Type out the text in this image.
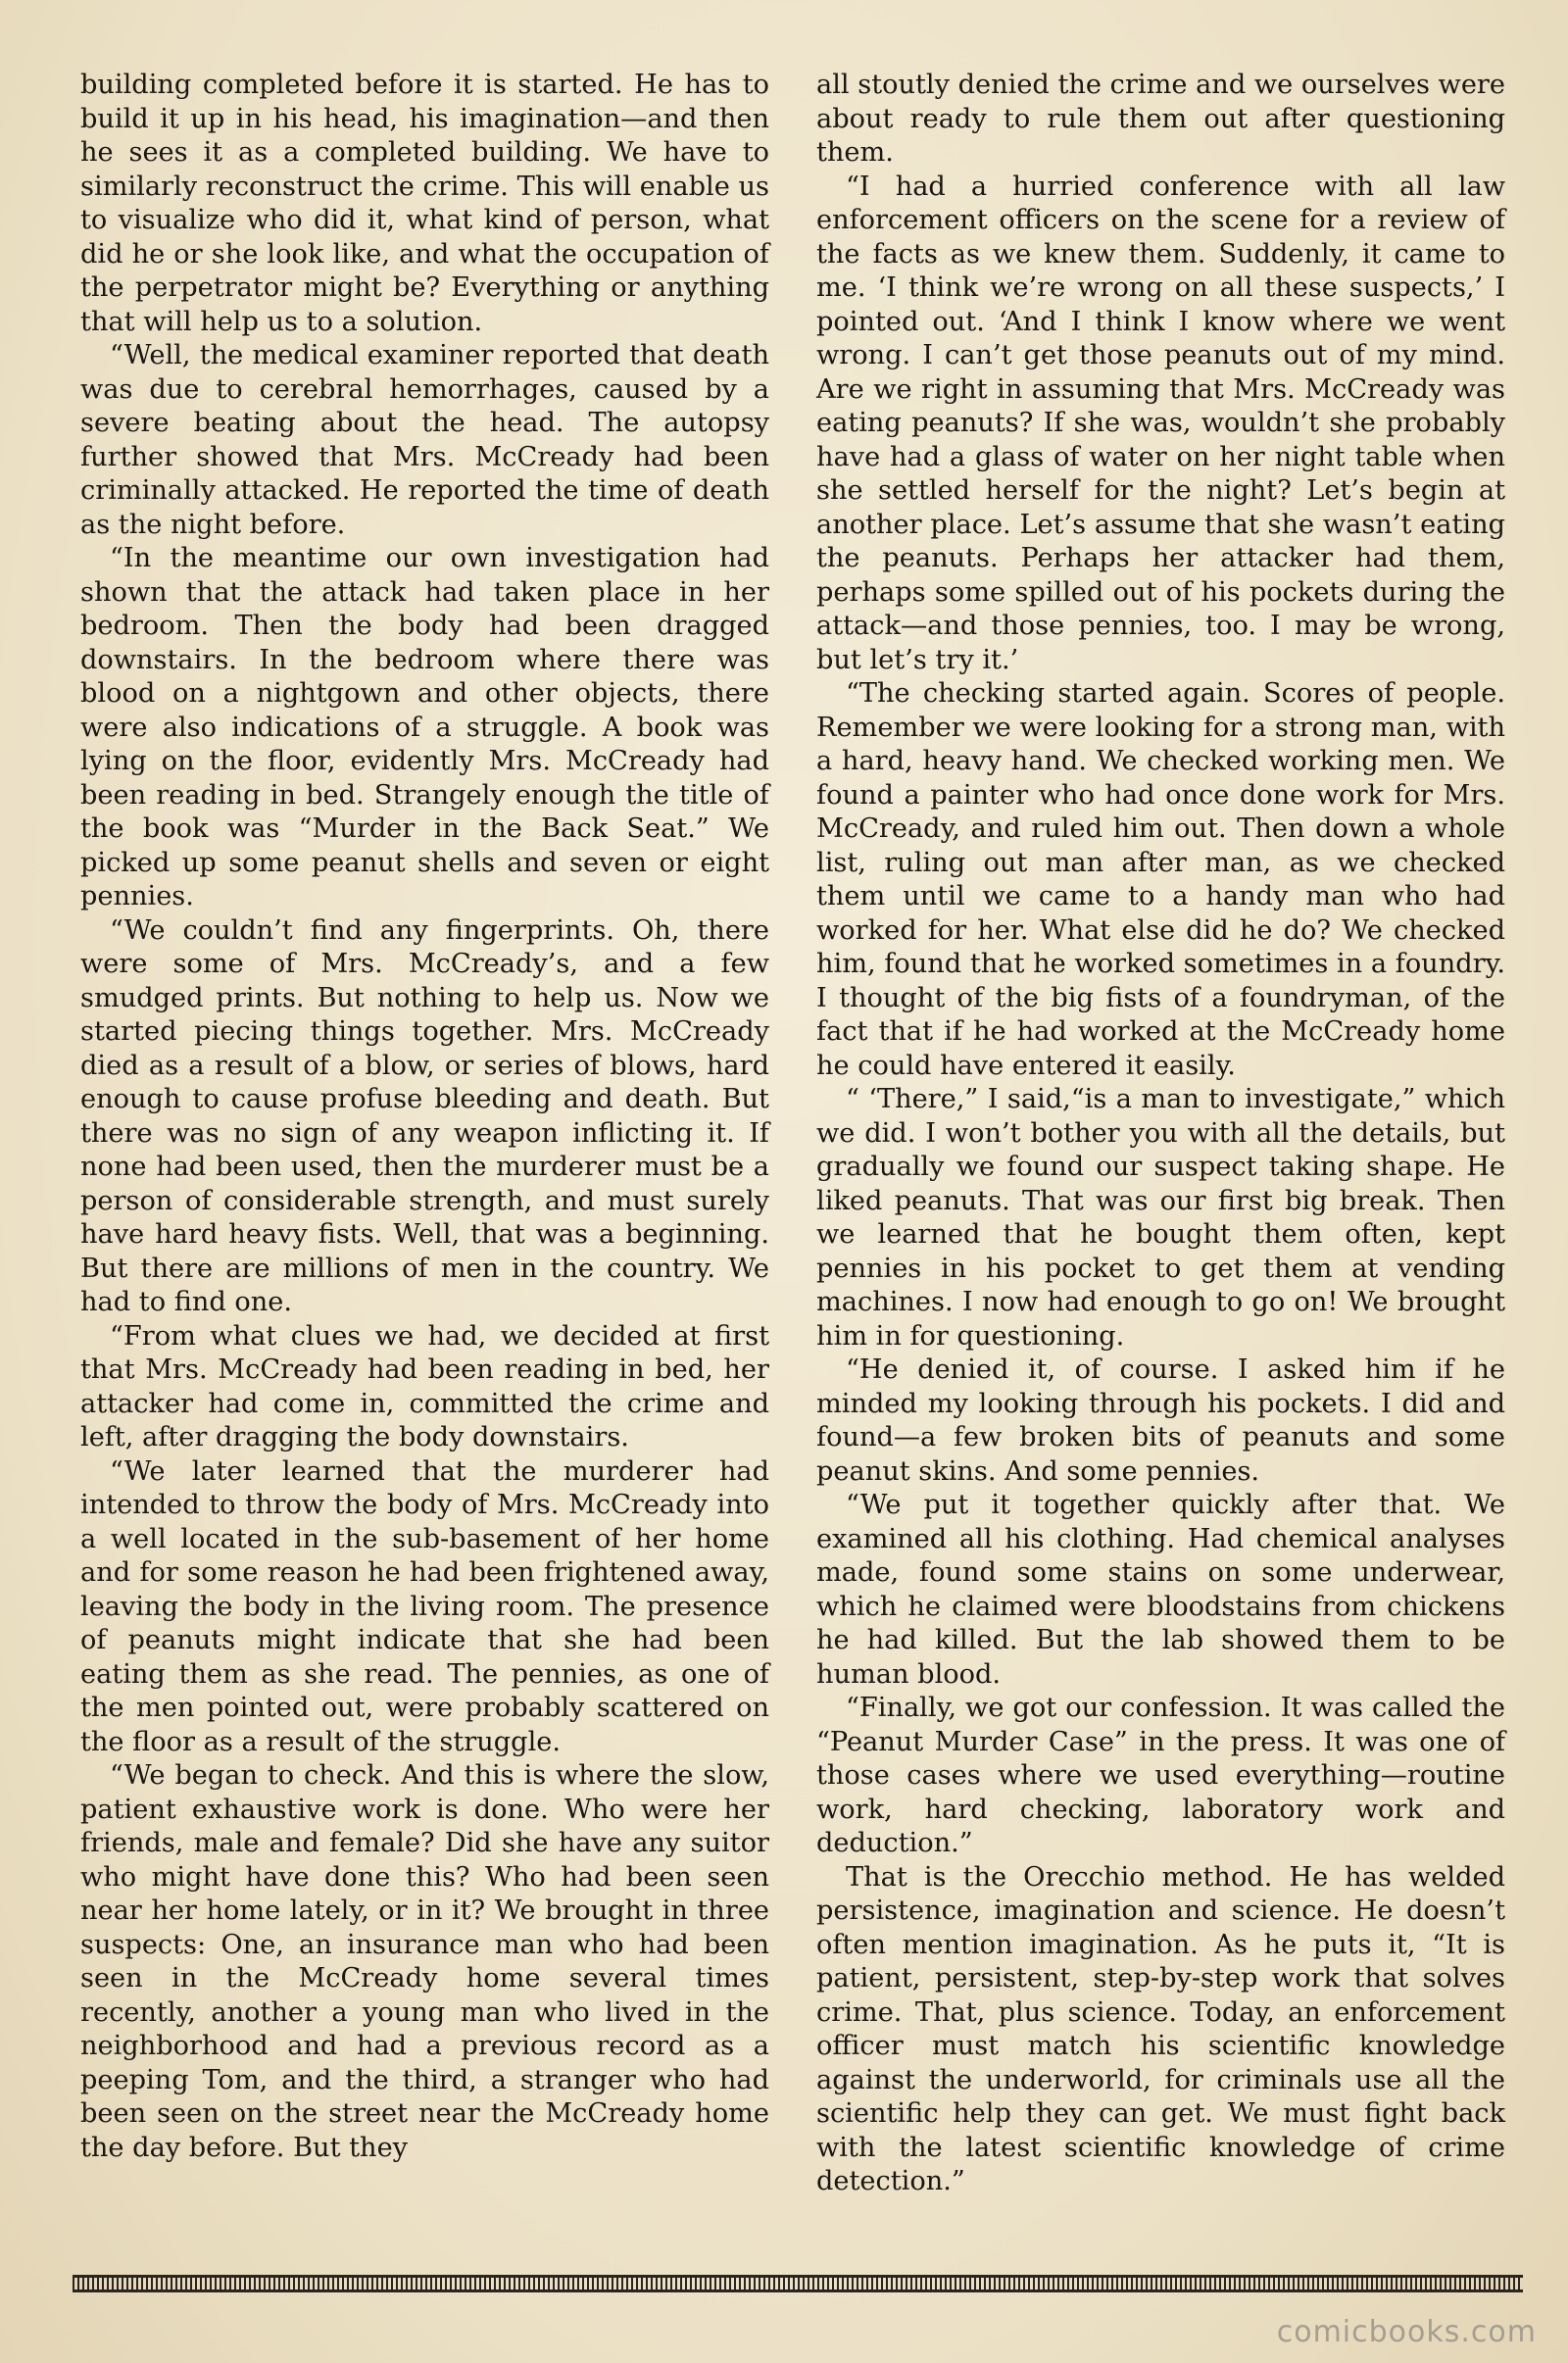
building completed before it is started. He has to build it up in his head, his imagination—and then he sees it as a completed building. We have to similarly reconstruct the crime. This will enable us to visualize who did it, what kind of person, what did he or she look like, and what the occupation of the perpetrator might be? Everything or anything that will help us to a solution.

“Well, the medical examiner reported that death was due to cerebral hemorrhages, caused by a severe beating about the head. The autopsy further showed that Mrs. McCready had been criminally attacked. He reported the time of death as the night before.

“In the meantime our own investigation had shown that the attack had taken place in her bedroom. Then the body had been dragged downstairs. In the bedroom where there was blood on a nightgown and other objects, there were also indications of a struggle. A book was lying on the floor, evidently Mrs. McCready had been reading in bed. Strangely enough the title of the book was “Murder in the Back Seat.” We picked up some peanut shells and seven or eight pennies.

“We couldn’t find any fingerprints. Oh, there were some of Mrs. McCready’s, and a few smudged prints. But nothing to help us. Now we started piecing things together. Mrs. McCready died as a result of a blow, or series of blows, hard enough to cause profuse bleeding and death. But there was no sign of any weapon inflicting it. If none had been used, then the murderer must be a person of considerable strength, and must surely have hard heavy fists. Well, that was a beginning. But there are millions of men in the country. We had to find one.

“From what clues we had, we decided at first that Mrs. McCready had been reading in bed, her attacker had come in, committed the crime and left, after dragging the body downstairs.

“We later learned that the murderer had intended to throw the body of Mrs. McCready into a well located in the sub-basement of her home and for some reason he had been frightened away, leaving the body in the living room. The presence of peanuts might indicate that she had been eating them as she read. The pennies, as one of the men pointed out, were probably scattered on the floor as a result of the struggle.

“We began to check. And this is where the slow, patient exhaustive work is done. Who were her friends, male and female? Did she have any suitor who might have done this? Who had been seen near her home lately, or in it? We brought in three suspects: One, an insurance man who had been seen in the McCready home several times recently, another a young man who lived in the neighborhood and had a previous record as a peeping Tom, and the third, a stranger who had been seen on the street near the McCready home the day before. But they

all stoutly denied the crime and we ourselves were about ready to rule them out after questioning them.

“I had a hurried conference with all law enforcement officers on the scene for a review of the facts as we knew them. Suddenly, it came to me. ‘I think we’re wrong on all these suspects,’ I pointed out. ‘And I think I know where we went wrong. I can’t get those peanuts out of my mind. Are we right in assuming that Mrs. McCready was eating peanuts? If she was, wouldn’t she probably have had a glass of water on her night table when she settled herself for the night? Let’s begin at another place. Let’s assume that she wasn’t eating the peanuts. Perhaps her attacker had them, perhaps some spilled out of his pockets during the attack—and those pennies, too. I may be wrong, but let’s try it.’

“The checking started again. Scores of people. Remember we were looking for a strong man, with a hard, heavy hand. We checked working men. We found a painter who had once done work for Mrs. McCready, and ruled him out. Then down a whole list, ruling out man after man, as we checked them until we came to a handy man who had worked for her. What else did he do? We checked him, found that he worked sometimes in a foundry. I thought of the big fists of a foundryman, of the fact that if he had worked at the McCready home he could have entered it easily.

“ ‘There,” I said,“is a man to investigate,” which we did. I won’t bother you with all the details, but gradually we found our suspect taking shape. He liked peanuts. That was our first big break. Then we learned that he bought them often, kept pennies in his pocket to get them at vending machines. I now had enough to go on! We brought him in for questioning.

“He denied it, of course. I asked him if he minded my looking through his pockets. I did and found—a few broken bits of peanuts and some peanut skins. And some pennies.

“We put it together quickly after that. We examined all his clothing. Had chemical analyses made, found some stains on some underwear, which he claimed were bloodstains from chickens he had killed. But the lab showed them to be human blood.

“Finally, we got our confession. It was called the “Peanut Murder Case” in the press. It was one of those cases where we used everything—routine work, hard checking, laboratory work and deduction.”

That is the Orecchio method. He has welded persistence, imagination and science. He doesn’t often mention imagination. As he puts it, “It is patient, persistent, step-by-step work that solves crime. That, plus science. Today, an enforcement officer must match his scientific knowledge against the underworld, for criminals use all the scientific help they can get. We must fight back with the latest scientific knowledge of crime detection.”

comicbooks.com
